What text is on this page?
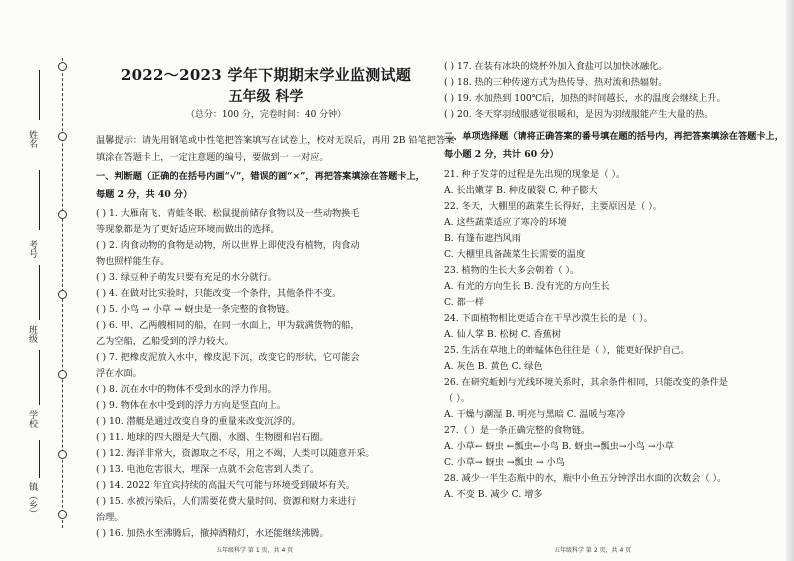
姓名
考号
班级
学校
镇（乡）
2022～2023 学年下期期末学业监测试题
五年级 科学
（总分：100 分，完卷时间：40 分钟）
温馨提示：请先用钢笔或中性笔把答案填写在试卷上，校对无误后，再用 2B 铅笔把答案
填涂在答题卡上，一定注意题的编号，要做到一 一对应。
一、判断题（正确的在括号内画“√”，错误的画“×”，再把答案填涂在答题卡上，
每题 2 分，共 40 分）
( ) 1. 大雁南飞、青蛙冬眠、松鼠提前储存食物以及一些动物换毛
等现象都是为了更好适应环境而做出的选择。
( ) 2. 肉食动物的食物是动物，所以世界上即使没有植物，肉食动
物也照样能生存。
( ) 3. 绿豆种子萌发只要有充足的水分就行。
( ) 4. 在做对比实验时，只能改变一个条件，其他条件不变。
( ) 5. 小鸟 → 小草 → 蚜虫是一条完整的食物链。
( ) 6. 甲、乙两艘相同的船，在同一水面上，甲为载满货物的船，
乙为空船，乙船受到的浮力较大。
( ) 7. 把橡皮泥放入水中，橡皮泥下沉，改变它的形状，它可能会
浮在水面。
( ) 8. 沉在水中的物体不受到水的浮力作用。
( ) 9. 物体在水中受到的浮力方向是竖直向上。
( ) 10. 潜艇是通过改变自身的重量来改变沉浮的。
( ) 11. 地球的四大圈是大气圈、水圈、生物圈和岩石圈。
( ) 12. 海洋非常大，资源取之不尽，用之不竭，人类可以随意开采。
( ) 13. 电池危害很大，埋深一点就不会危害到人类了。
( ) 14. 2022 年宜宾持续的高温天气可能与环境受到破坏有关。
( ) 15. 水被污染后，人们需要花费大量时间、资源和财力来进行
治理。
( ) 16. 加热水至沸腾后，撤掉酒精灯，水还能继续沸腾。
五年级科学 第 1 页，共 4 页
( ) 17. 在装有冰块的烧杯外加入食盐可以加快冰融化。
( ) 18. 热的三种传递方式为热传导、热对流和热辐射。
( ) 19. 水加热到 100℃后，加热的时间越长，水的温度会继续上升。
( ) 20. 冬天穿羽绒服感觉很暖和，是因为羽绒服能产生大量的热。
二、单项选择题（请将正确答案的番号填在题的括号内，再把答案填涂在答题卡上，
每小题 2 分，共计 60 分）
21. 种子发芽的过程是先出现的现象是（ ）。
A. 长出嫩芽 B. 种皮破裂 C. 种子膨大
22. 冬天，大棚里的蔬菜生长得好，主要原因是（ ）。
A. 这些蔬菜适应了寒冷的环境
B. 有篷布遮挡风雨
C. 大棚里具备蔬菜生长需要的温度
23. 植物的生长大多会朝着（ ）。
A. 有光的方向生长 B. 没有光的方向生长
C. 都一样
24. 下面植物相比更适合在干旱沙漠生长的是（ ）。
A. 仙人掌 B. 松树 C. 香蕉树
25. 生活在草地上的蚱蜢体色往往是（ ），能更好保护自己。
A. 灰色 B. 黄色 C. 绿色
26. 在研究蚯蚓与光线环境关系时，其余条件相同，只能改变的条件是
（ ）。
A. 干燥与潮湿 B. 明亮与黑暗 C. 温暖与寒冷
27.（ ）是一条正确完整的食物链。
A. 小草← 蚜虫 ←瓢虫←小鸟 B. 蚜虫→瓢虫→小鸟 →小草
C. 小草→ 蚜虫 →瓢虫 → 小鸟
28. 减少一半生态瓶中的水，瓶中小鱼五分钟浮出水面的次数会（ ）。
A. 不变 B. 减少 C. 增多
五年级科学 第 2 页，共 4 页
